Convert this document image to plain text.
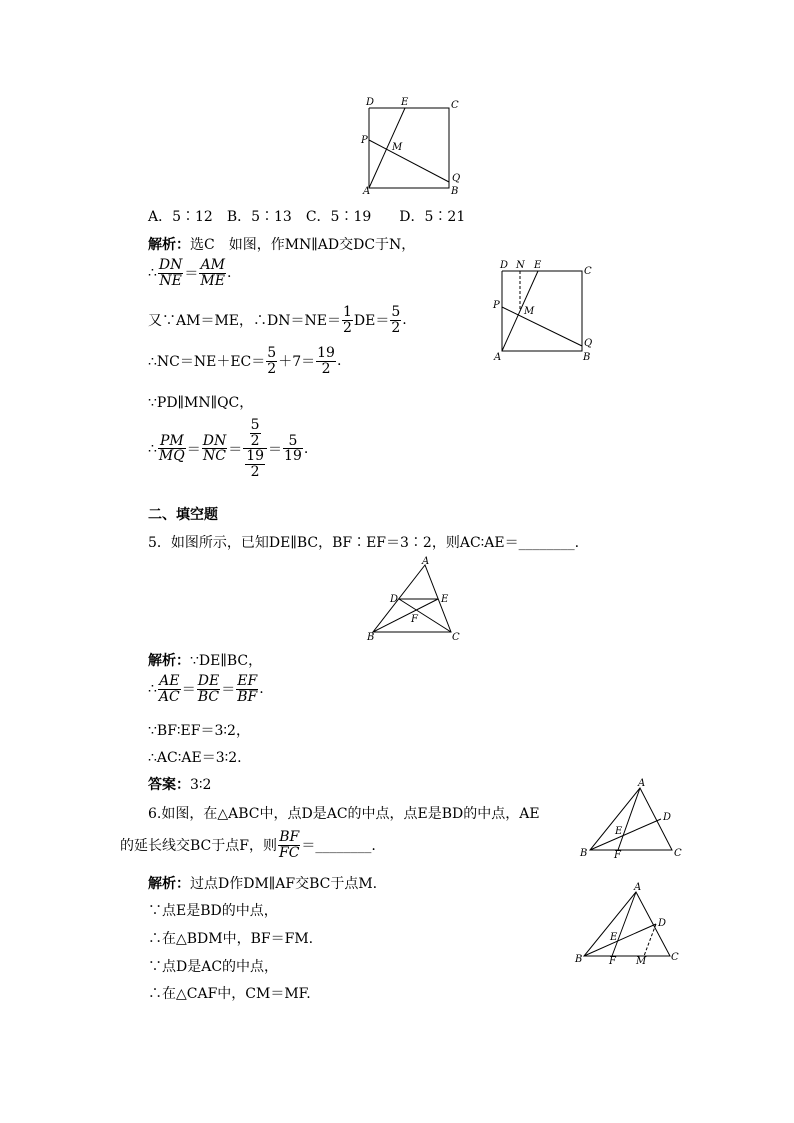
D	E	C
P
M
Q
A	B
A．5∶12　B．5∶13　C．5∶19　　D．5∶21
解析：选C　如图，作MN∥AD交DC于N，
D N E
C
P
M
Q
A	B
∴ $\frac{DN}{NE} = \frac{AM}{ME}$ .
又∵AM＝ME，∴DN＝NE＝ $\frac{1}{2} DE= \frac{5}{2}$ .
∴NC＝NE＋EC＝ $\frac{5}{2} +7= \frac{19}{2}$ .
∵PD∥MN∥QC，
∴ $\frac{PM}{MQ} = \frac{DN}{NC} = \frac{\frac{5}{2}}{\frac{19}{2}} = \frac{5}{19}$ .
二、填空题
5．如图所示，已知DE∥BC，BF∶EF＝3∶2，则AC∶AE＝________.
A
D	E
F
B	C
解析：∵DE∥BC，
∴ $\frac{AE}{AC} = \frac{DE}{BC} = \frac{EF}{BF}$ .
∵BF∶EF＝3∶2，
∴AC∶AE＝3∶2.
答案：3∶2	A
D
E
B	F	C
6.如图，在△ABC中，点D是AC的中点，点E是BD的中点，AE
的延长线交BC于点F，则 $\frac{BF}{FC}$ ＝________.
解析：过点D作DM∥AF交BC于点M.	A
D
E
B	F M C
∵点E是BD的中点，
∴在△BDM中，BF＝FM.
∵点D是AC的中点，
∴在△CAF中，CM＝MF.
